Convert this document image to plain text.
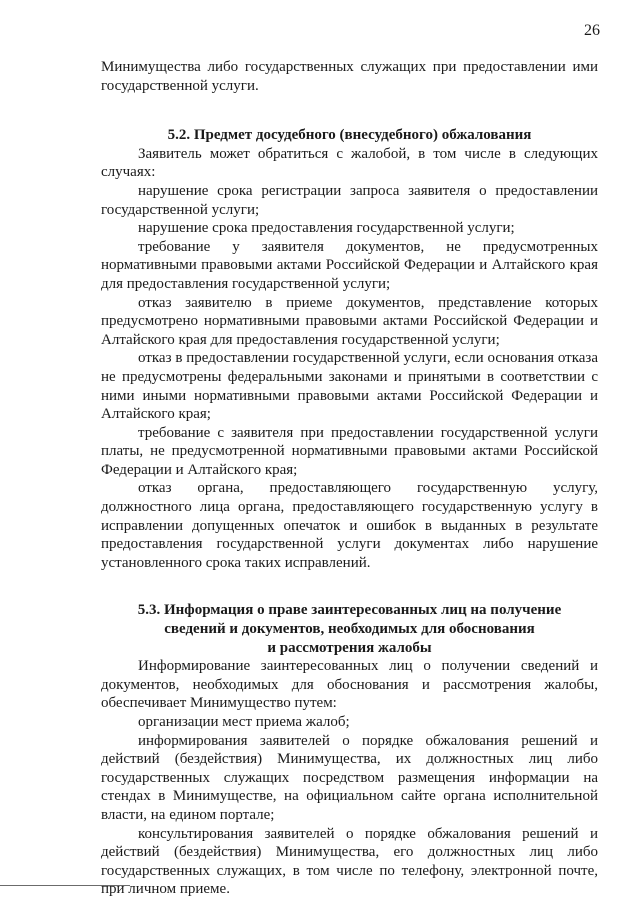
26

Минимущества либо государственных служащих при предоставлении ими государственной услуги.

5.2. Предмет досудебного (внесудебного) обжалования

Заявитель может обратиться с жалобой, в том числе в следующих случаях:

нарушение срока регистрации запроса заявителя о предоставлении государственной услуги;

нарушение срока предоставления государственной услуги;

требование у заявителя документов, не предусмотренных нормативными правовыми актами Российской Федерации и Алтайского края для предоставления государственной услуги;

отказ заявителю в приеме документов, представление которых предусмотрено нормативными правовыми актами Российской Федерации и Алтайского края для предоставления государственной услуги;

отказ в предоставлении государственной услуги, если основания отказа не предусмотрены федеральными законами и принятыми в соответствии с ними иными нормативными правовыми актами Российской Федерации и Алтайского края;

требование с заявителя при предоставлении государственной услуги платы, не предусмотренной нормативными правовыми актами Российской Федерации и Алтайского края;

отказ органа, предоставляющего государственную услугу, должностного лица органа, предоставляющего государственную услугу в исправлении допущенных опечаток и ошибок в выданных в результате предоставления государственной услуги документах либо нарушение установленного срока таких исправлений.

5.3. Информация о праве заинтересованных лиц на получение

сведений и документов, необходимых для обоснования

и рассмотрения жалобы

Информирование заинтересованных лиц о получении сведений и документов, необходимых для обоснования и рассмотрения жалобы, обеспечивает Минимущество путем:

организации мест приема жалоб;

информирования заявителей о порядке обжалования решений и действий (бездействия) Минимущества, их должностных лиц либо государственных служащих посредством размещения информации на стендах в Минимуществе, на официальном сайте органа исполнительной власти, на едином портале;

консультирования заявителей о порядке обжалования решений и действий (бездействия) Минимущества, его должностных лиц либо государственных служащих, в том числе по телефону, электронной почте, при личном приеме.
